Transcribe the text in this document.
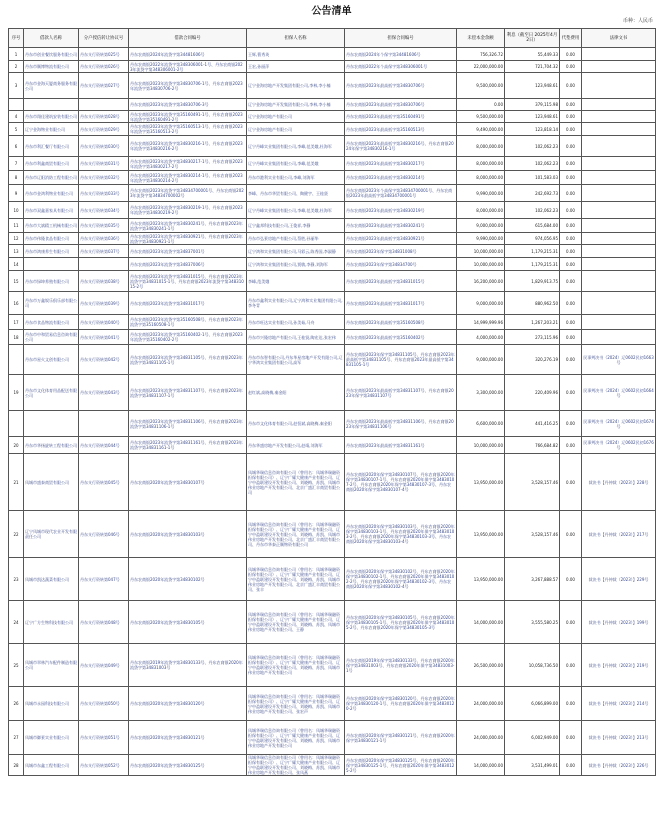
公告清单
币种：人民币
序号	借款人名称	分户授信转让协议号	借款合同编号	担保人名称	担保合同编号	未偿本金余额	利息（截至日 2025年4月2日）	代垫费用	法律文书
1	丹东市创业餐饮服务有限公司	丹东支行资转第025号	丹东农商银2024年流贷字第34481606号	王辉,曹秀英	丹东农商银2024年个保字第34481606号	756,326.72	55,449.33	0.00	
2	丹东市顺博物流有限公司	丹东支行资转第026号	丹东农商银2022年流贷字第348306001-1号、丹东农商银2023年流贷字第348306001-2号	王宏,孙丽萍	丹东农商银2022年个高保字第348306001号	22,000,000.00	721,704.32	0.00	
3	丹东市金海天厦商务服务有限公司	丹东支行资转第027号	丹东农商银2023年流贷字第34830706-1号、丹东农商银2023年流贷字第34830706-2号	辽宁金海房地产开发集团有限公司,李林,李小楠	丹东农商银2023年最高抵字第34830706号	9,500,000.00	123,948.61	0.00	
			丹东农商银2023年流贷字第34830706-3号	辽宁金海房地产开发集团有限公司,李林,李小楠	丹东农商银2023年最高抵字第34830706号	0.00	379,115.98	0.00	
4	丹东市翔佳建筑安装有限公司	丹东支行资转第028号	丹东农商银2023年流贷字第35160491-1号、丹东农商银2023年流贷字第35160491-2号	辽宁金海房地产有限公司	丹东农商银2023年最高抵字第35160491号	9,500,000.00	123,948.61	0.00	
5	辽宁金海物业有限公司	丹东支行资转第029号	丹东农商银2023年流贷字第35160513-1号、丹东农商银2023年流贷字第35160513-2号	辽宁金海房地产有限公司	丹东农商银2023年最高抵字第35160513号	9,490,000.00	123,818.14	0.00	
6	丹东市利汇餐厅有限公司	丹东支行资转第030号	丹东农商银2023年流贷字第34830216-1号、丹东农商银2023年流贷字第34830216-2号	辽宁丹峰实业集团有限公司,李峰,范美娥,杜海军	丹东农商银2023年最高抵字第34830216号、丹东农商银2024年保字第34830216-1号	8,000,000.00	102,062.23	0.00	
7	丹东市利鑫商贸有限公司	丹东支行资转第031号	丹东农商银2023年流贷字第34830217-1号、丹东农商银2023年流贷字第34830217-2号	辽宁丹峰实业集团有限公司,李峰,范美娥	丹东农商银2023年最高抵字第34830217号	8,000,000.00	102,062.23	0.00	
8	丹东市辽阳消防工程有限公司	丹东支行资转第032号	丹东农商银2023年流贷字第34830214-1号、丹东农商银2023年流贷字第34830214-2号	丹东市港利实业有限公司,李峰,刘海军	丹东农商银2023年最高抵字第34830214号	8,000,000.00	101,583.03	0.00	
9	丹东市金鸿利物业有限公司	丹东支行资转第033号	丹东农商银2023年流贷字第34834700001号、丹东农商银2023年流贷字第34834700002号	李峰、丹东市华贸有限公司、陶健宇、王桂贤	丹东农商银2023年个高保字第34834700001号、丹东农商银2023年最高抵字第34834700001号	9,990,000.00	242,692.73	0.00	
10	丹东市双鑫嘉家具有限公司	丹东支行资转第034号	丹东农商银2023年流贷字第34830219-1号、丹东农商银2023年流贷字第34830219-2号	辽宁丹峰实业集团有限公司,李峰,范美娥,杜海军	丹东农商银2023年最高抵字第34830219号	8,000,000.00	102,062.23	0.00	
11	丹东市大斌精工机械有限公司	丹东支行资转第035号	丹东农商银2023年流贷字第34830241号、丹东农商银2023年流贷字第34830241-1号	辽宁鑫邦科技有限公司,王俊祥,李静	丹东农商银2023年最高抵字第34830241号	9,000,000.00	615,684.00	0.00	
12	丹东市伟隆食品有限公司	丹东支行资转第036号	丹东农商银2023年流贷字第34830921号、丹东农商银2023年流贷字第34830921-1号	丹东市弘景房地产有限公司,蔡胜,孙丽华	丹东农商银2023年最高抵字第34830921号	9,990,000.00	974,056.95	0.00	
13	丹东市鸿康养生有限公司	丹东支行资转第037号	丹东农商银2023年流贷字第34837001号	辽宁鸿和实业集团有限公司,马彩云,陈秀国,李淑静	丹东农商银2023年保字第34831008号	10,000,000.00	1,179,215.31	0.00	
14			丹东农商银2023年流贷字第34837006号	辽宁鸿和实业集团有限公司,贾敏,李静,刘海军	丹东农商银2023年保字第34834700号	10,000,000.00	1,179,215.31	0.00	
15	丹东市绿坤养殖有限公司	丹东支行资转第038号	丹东农商银2023年流贷字第34831015号、丹东农商银2023年流贷字第34831015-1号、丹东农商银2023年流贷字第34831015-2号	李峰,范美娥	丹东农商银2023年最高抵字第34831015号	16,200,000.00	1,829,913.75	0.00	
16	丹东市万鑫娱乐俱乐部有限公司	丹东支行资转第039号	丹东农商银2023年流贷字第34831017号	丹东市鑫利实业有限公司,辽宁鸿和实业集团有限公司,李冬青	丹东农商银2023年最高抵字第34831017号	9,000,000.00	880,962.50	0.00	
17	丹东市食品物流有限公司	丹东支行资转第040号	丹东农商银2023年流贷字第35160508号、丹东农商银2023年流贷字第35160508-1号	丹东市旺达实业有限公司,孙美茹,马舟	丹东农商银2023年最高抵字第35160508号	14,999,999.96	1,267,203.21	0.00	
18	丹东市中和贸易信息咨询有限公司	丹东支行资转第041号	丹东农商银2023年流贷字第35160402-1号、丹东农商银2023年流贷字第35160402-2号	丹东市兴隆房地产有限公司,王桂贤,陶宏达,张宏伟	丹东农商银2023年最高抵字第35160402号	4,000,000.00	273,115.96	0.00	
	丹东市星火文创有限公司	丹东支行资转第042号	丹东农商银2023年流贷字第34831105号、丹东农商银2023年流贷字第34831105-1号	丹东市东智有限公司,丹东华星房地产开发有限公司,辽宁华鸿实业集团有限公司,高军	丹东农商银2023年保字第34831105号、丹东农商银2023年最高抵字第34831105号、丹东农商银2023年最高抵字第34831105-1号	9,000,000.00	320,276.19	0.00	民事判决书（2024）辽0602民初1663号
19	丹东市文化体育用品配送有限公司	丹东支行资转第043号	丹东农商银2023年流贷字第34831107号、丹东农商银2023年流贷字第34831107-1号	赵红斌,高晓梅,秦金阳	丹东农商银2023年最高抵字第34831107号、丹东农商银2023年保字第34831107号	3,300,000.00	220,409.96	0.00	民事判决书（2024）辽0602民初1664号
			丹东农商银2023年流贷字第34831106号、丹东农商银2023年流贷字第34831106-1号	丹东市文化体育有限公司,赵恒斌,高晓梅,秦金阳	丹东农商银2023年最高抵字第34831106号、丹东农商银2023年保字第34831106号	6,600,000.00	441,416.25	0.00	民事判决书（2024）辽0602民初1674号
20	丹东市华扬旋转工程有限公司	丹东支行资转第044号	丹东农商银2023年流贷字第34831161号、丹东农商银2023年流贷字第34831161-1号	丹东华盛房地产开发有限公司,赵靖,刘海军	丹东农商银2023年最高抵字第34831161号	10,000,000.00	766,684.82	0.00	民事判决书（2024）辽0602民初1676号
21	凤城市盛泰商贸有限公司	丹东支行资转第045号	丹东农商银2020年流贷字第34830107号	凤城华瑞信息咨询有限公司（曾用名：凤城华瑞融资担保有限公司）、辽宁广耀大健康产业有限公司、辽宁中盈联建设开发有限公司、刘晓梅、苏凯、凤城市伟业房地产开发有限公司、北京广盛汇丰商贸有限公司	丹东农商银2020年保字第34830107号、丹东农商银2020年保字第34830107-1号、丹东农商银2020年保字第34830107-2号、丹东农商银2020年保字第34830107-3号、丹东农商银2020年保字第34830107-4号	13,950,000.00	3,528,157.46	0.00	裁决书【丹仲裁（2023）】228号
22	辽宁凤城市现代农业开发有限责任公司	丹东支行资转第046号	丹东农商银2020年流贷字第34830103号	凤城华瑞信息咨询有限公司（曾用名：凤城华瑞融资担保有限公司）、辽宁广耀大健康产业有限公司、辽宁中盈联建设开发有限公司、刘晓梅、苏凯、凤城市伟业房地产开发有限公司、北京广盛汇丰商贸有限公司、丹东市华泰正顺物资有限公司	丹东农商银2020年保字第34830103号、丹东农商银2020年保字第34830103-1号、丹东农商银2020年保字第34830103-2号、丹东农商银2020年保字第34830103-3号、丹东农商银2020年保字第34830103-4号	13,950,000.00	3,528,157.46	0.00	裁决书【丹仲裁（2023）】217号
23	凤城市凯达蔬菜有限公司	丹东支行资转第047号	丹东农商银2020年流贷字第34830102号	凤城华瑞信息咨询有限公司（曾用名：凤城华瑞融资担保有限公司）、辽宁广耀大健康产业有限公司、辽宁中盈联建设开发有限公司、刘晓梅、苏凯、凤城市伟业房地产开发有限公司、北京广盛汇丰商贸有限公司、张丰	丹东农商银2020年保字第34830102号、丹东农商银2020年保字第34830102-1号、丹东农商银2020年保字第34830102-2号、丹东农商银2020年保字第34830102-3号、丹东农商银2020年保字第34830102-4号	13,950,000.00	3,267,888.57	0.00	裁决书【丹仲裁（2023）】229号
24	辽宁广方生物科技有限公司	丹东支行资转第048号	丹东农商银2020年流贷字第34830105号	凤城华瑞信息咨询有限公司（曾用名：凤城华瑞融资担保有限公司）、辽宁广耀大健康产业有限公司、辽宁中盈联建设开发有限公司、刘晓梅、苏凯、凤城市伟业房地产开发有限公司、王静	丹东农商银2020年保字第34830105号、丹东农商银2020年保字第34830105-1号、丹东农商银2020年保字第34830105-2号、丹东农商银2020年保字第34830105-3号	14,000,000.00	3,555,580.25	0.00	裁决书【丹仲裁（2023）】199号
25	凤城市翠林汽车配件制造有限公司	丹东支行资转第049号	丹东农商银2019年流贷字第34830133号、丹东农商银2020年流贷字第34831003号	凤城华瑞信息咨询有限公司（曾用名：凤城华瑞融资担保有限公司）、辽宁广耀大健康产业有限公司、辽宁中盈联建设开发有限公司、刘晓梅、苏凯、凤城市伟业房地产开发有限公司	丹东农商银2019年保字第34830133号、丹东农商银2020年保字第34831003号、丹东农商银2020年保字第34831003-1号	26,500,000.00	10,058,736.50	0.00	裁决书【丹仲裁（2023）】219号
26	凤城市永园科技有限公司	丹东支行资转第050号	丹东农商银2020年流贷字第34830120号	凤城华瑞信息咨询有限公司（曾用名：凤城华瑞融资担保有限公司）、辽宁广耀大健康产业有限公司、辽宁中盈联建设开发有限公司、刘晓梅、苏凯、凤城市伟业房地产开发有限公司、张宏声	丹东农商银2020年保字第34830120号、丹东农商银2020年保字第34830120-1号、丹东农商银2020年保字第34830120-2号	24,000,000.00	6,066,899.00	0.00	裁决书【丹仲裁（2023）】214号
27	凤城市御景实业有限公司	丹东支行资转第051号	丹东农商银2020年流贷字第34830121号	凤城华瑞信息咨询有限公司（曾用名：凤城华瑞融资担保有限公司）、辽宁广耀大健康产业有限公司、辽宁中盈联建设开发有限公司、刘晓梅、苏凯、凤城市伟业房地产开发有限公司	丹东农商银2020年保字第34830121号、丹东农商银2020年保字第34830121-1号	24,000,000.00	6,002,949.00	0.00	裁决书【丹仲裁（2023）】213号
28	凤城市东鑫工程有限公司	丹东支行资转第052号	丹东农商银2020年流贷字第34830125号	凤城华瑞信息咨询有限公司（曾用名：凤城华瑞融资担保有限公司）、辽宁广耀大健康产业有限公司、辽宁中盈联建设开发有限公司、刘晓梅、苏凯、凤城市伟业房地产开发有限公司、张凤燕	丹东农商银2020年保字第34830125号、丹东农商银2020年保字第34830125-1号、丹东农商银2020年保字第34830125-2号	14,000,000.00	3,531,499.01	0.00	裁决书【丹仲裁（2023）】226号
